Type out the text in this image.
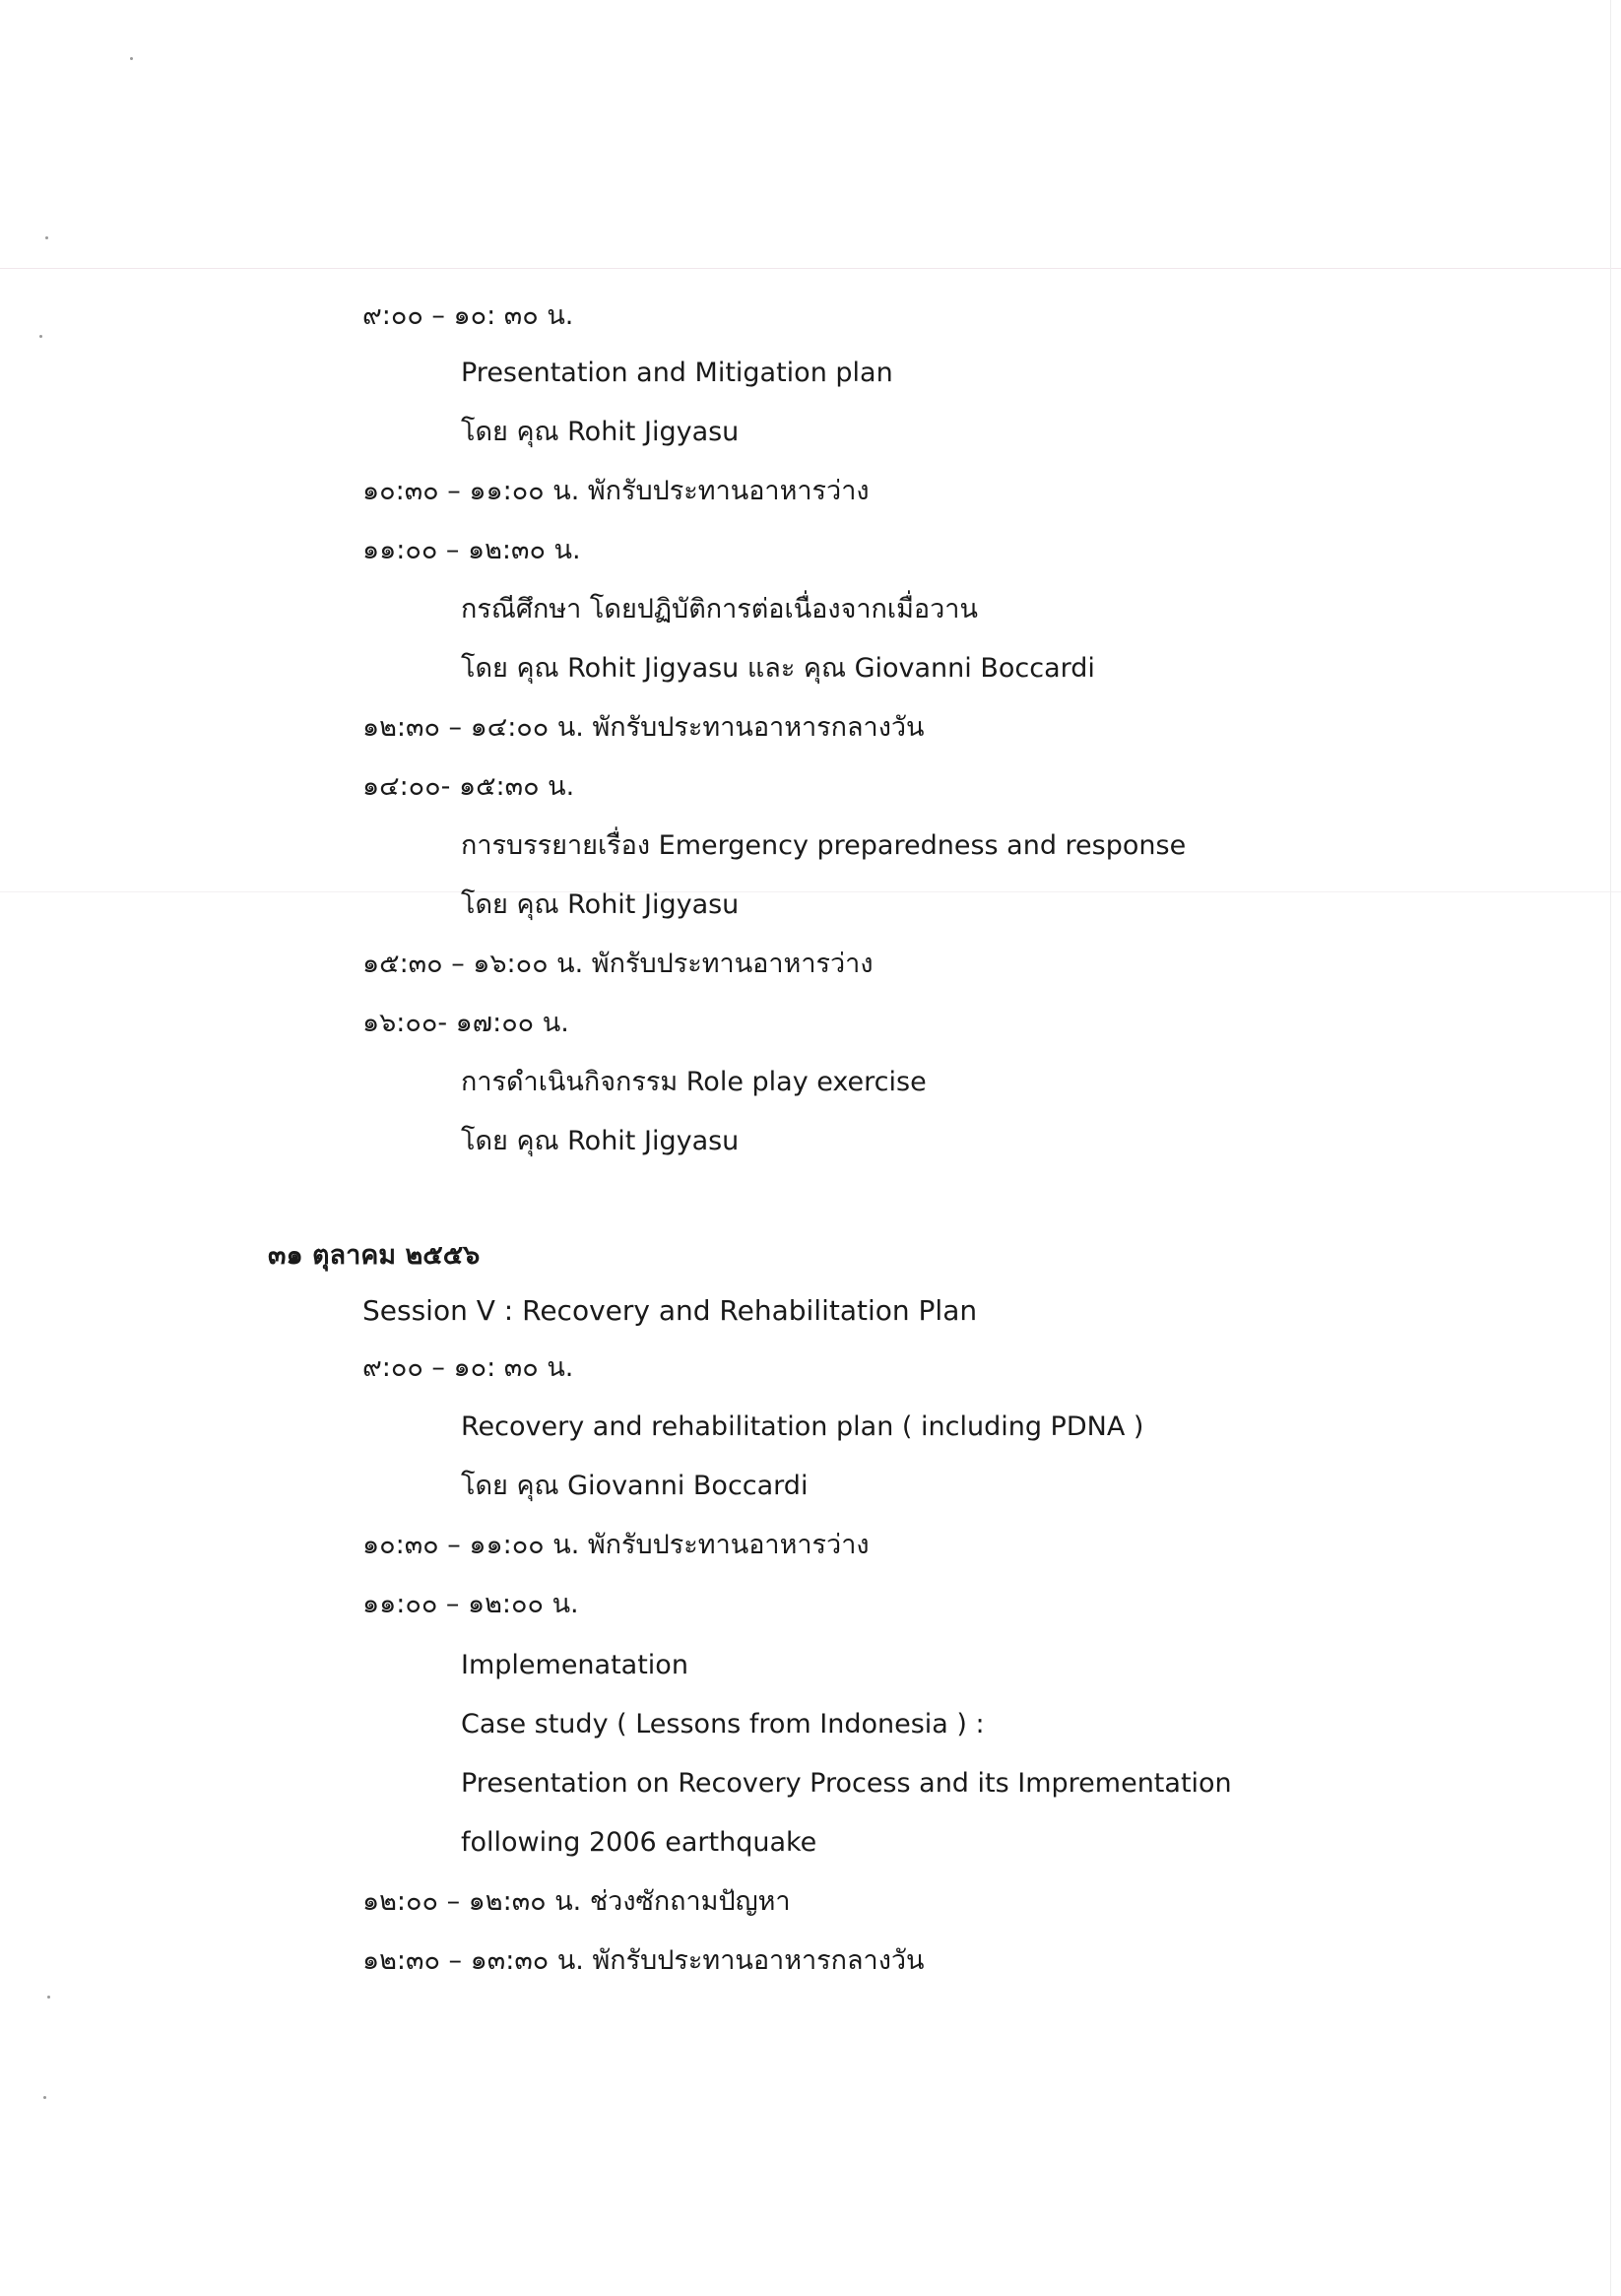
๙:๐๐ – ๑๐: ๓๐ น.
Presentation and Mitigation plan
โดย คุณ Rohit Jigyasu
๑๐:๓๐ – ๑๑:๐๐ น. พักรับประทานอาหารว่าง
๑๑:๐๐ – ๑๒:๓๐ น.
กรณีศึกษา โดยปฏิบัติการต่อเนื่องจากเมื่อวาน
โดย คุณ Rohit Jigyasu และ คุณ Giovanni Boccardi
๑๒:๓๐ – ๑๔:๐๐ น. พักรับประทานอาหารกลางวัน
๑๔:๐๐- ๑๕:๓๐ น.
การบรรยายเรื่อง Emergency preparedness and response
โดย คุณ Rohit Jigyasu
๑๕:๓๐ – ๑๖:๐๐ น. พักรับประทานอาหารว่าง
๑๖:๐๐- ๑๗:๐๐ น.
การดำเนินกิจกรรม Role play exercise
โดย คุณ Rohit Jigyasu
๓๑ ตุลาคม ๒๕๕๖
Session V : Recovery and Rehabilitation Plan
๙:๐๐ – ๑๐: ๓๐ น.
Recovery and rehabilitation plan ( including PDNA )
โดย คุณ Giovanni Boccardi
๑๐:๓๐ – ๑๑:๐๐ น. พักรับประทานอาหารว่าง
๑๑:๐๐ – ๑๒:๐๐ น.
Implemenatation
Case study ( Lessons from Indonesia ) :
Presentation on Recovery Process and its Imprementation
following 2006 earthquake
๑๒:๐๐ – ๑๒:๓๐ น. ช่วงซักถามปัญหา
๑๒:๓๐ – ๑๓:๓๐ น. พักรับประทานอาหารกลางวัน
